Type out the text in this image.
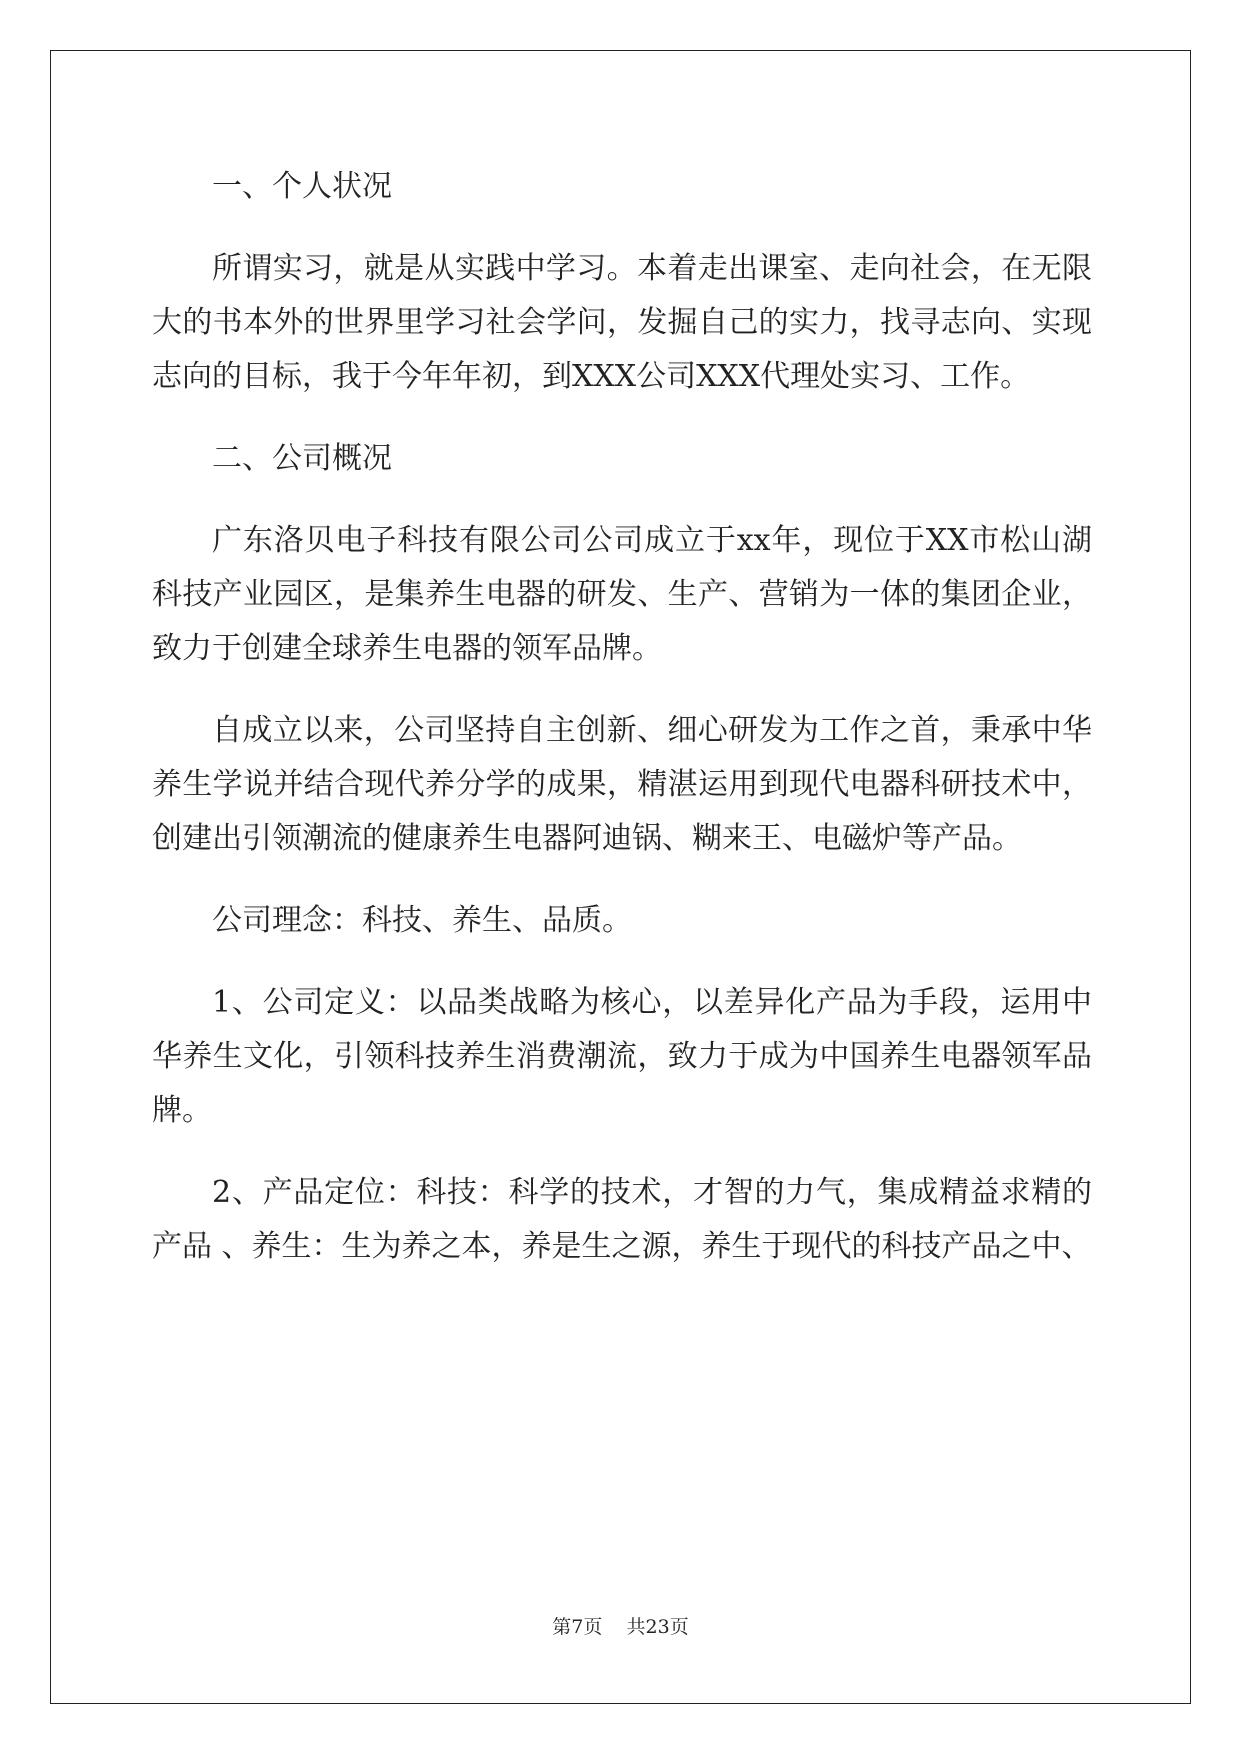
一、个人状况

所谓实习，就是从实践中学习。本着走出课室、走向社会，在无限大的书本外的世界里学习社会学问，发掘自己的实力，找寻志向、实现志向的目标，我于今年年初，到XXX公司XXX代理处实习、工作。

二、公司概况

广东洛贝电子科技有限公司公司成立于xx年，现位于XX市松山湖科技产业园区，是集养生电器的研发、生产、营销为一体的集团企业，致力于创建全球养生电器的领军品牌。

自成立以来，公司坚持自主创新、细心研发为工作之首，秉承中华养生学说并结合现代养分学的成果，精湛运用到现代电器科研技术中，创建出引领潮流的健康养生电器阿迪锅、糊来王、电磁炉等产品。

公司理念：科技、养生、品质。

1、公司定义：以品类战略为核心，以差异化产品为手段，运用中华养生文化，引领科技养生消费潮流，致力于成为中国养生电器领军品牌。

2、产品定位：科技：科学的技术，才智的力气，集成精益求精的产品 、养生：生为养之本，养是生之源，养生于现代的科技产品之中、

第7页 共23页
